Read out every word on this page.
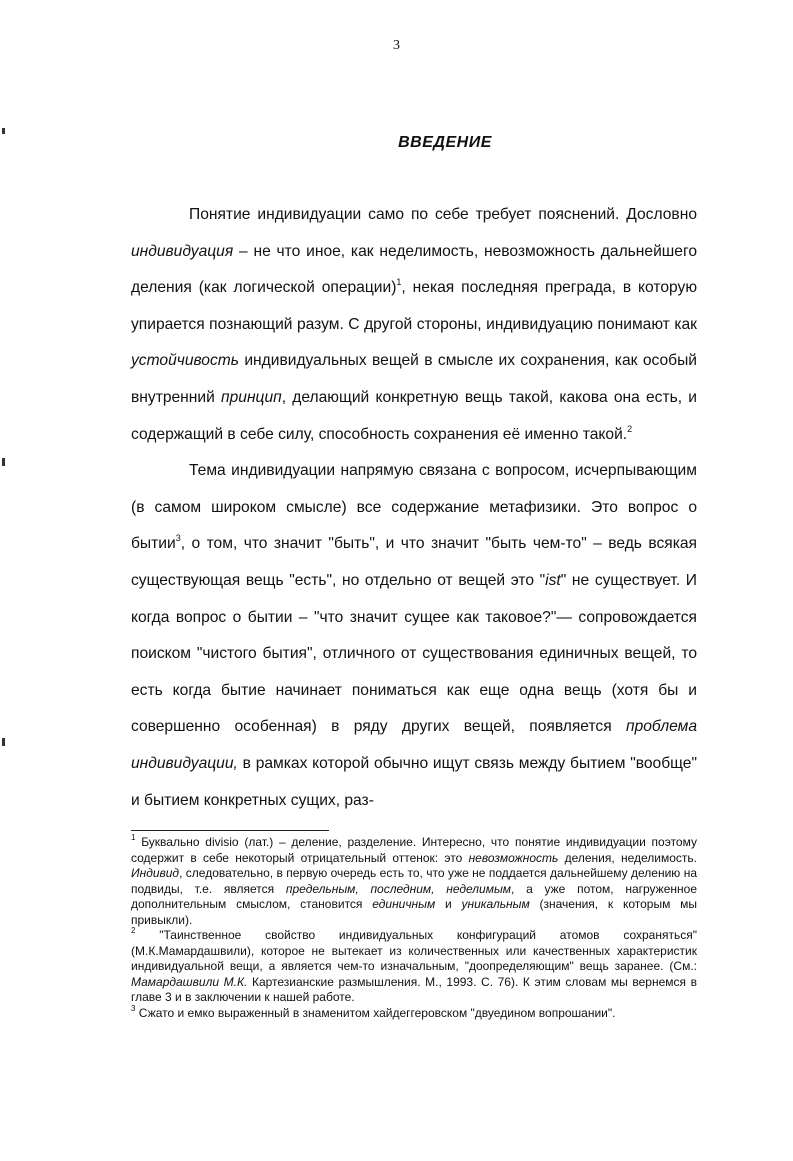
3
ВВЕДЕНИЕ

Понятие индивидуации само по себе требует пояснений. Дословно индивидуация – не что иное, как неделимость, невозможность дальнейшего деления (как логической операции)$^1$, некая последняя преграда, в которую упирается познающий разум. С другой стороны, индивидуацию понимают как устойчивость индивидуальных вещей в смысле их сохранения, как особый внутренний принцип, делающий конкретную вещь такой, какова она есть, и содержащий в себе силу, способность сохранения её именно такой.$^2$

Тема индивидуации напрямую связана с вопросом, исчерпывающим (в самом широком смысле) все содержание метафизики. Это вопрос о бытии$^3$, о том, что значит "быть", и что значит "быть чем-то" – ведь всякая существующая вещь "есть", но отдельно от вещей это "ist" не существует. И когда вопрос о бытии – "что значит сущее как таковое?"— сопровождается поиском "чистого бытия", отличного от существования единичных вещей, то есть когда бытие начинает пониматься как еще одна вещь (хотя бы и совершенно особенная) в ряду других вещей, появляется проблема индивидуации, в рамках которой обычно ищут связь между бытием "вообще" и бытием конкретных сущих, раз-

$^1$ Буквально divisio (лат.) – деление, разделение. Интересно, что понятие индивидуации поэтому содержит в себе некоторый отрицательный оттенок: это невозможность деления, неделимость. Индивид, следовательно, в первую очередь есть то, что уже не поддается дальнейшему делению на подвиды, т.е. является предельным, последним, неделимым, а уже потом, нагруженное дополнительным смыслом, становится единичным и уникальным (значения, к которым мы привыкли).

$^2$ "Таинственное свойство индивидуальных конфигураций атомов сохраняться" (М.К.Мамардашвили), которое не вытекает из количественных или качественных характеристик индивидуальной вещи, а является чем-то изначальным, "доопределяющим" вещь заранее. (См.: Мамардашвили М.К. Картезианские размышления. М., 1993. С. 76). К этим словам мы вернемся в главе 3 и в заключении к нашей работе.

$^3$ Сжато и емко выраженный в знаменитом хайдеггеровском "двуедином вопрошании".
